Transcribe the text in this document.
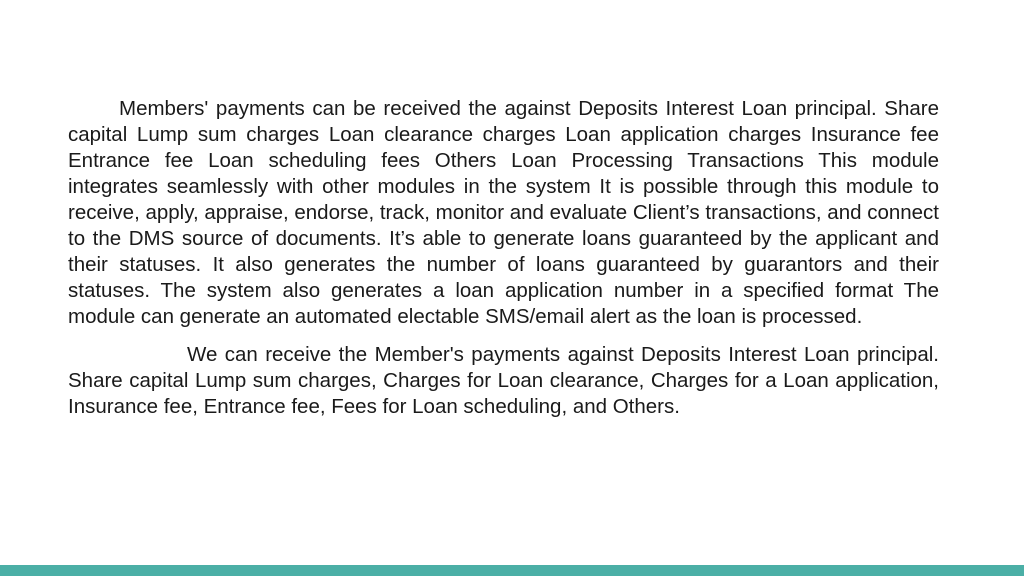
Members' payments can be received the against Deposits Interest Loan principal. Share capital Lump sum charges Loan clearance charges Loan application charges Insurance fee Entrance fee Loan scheduling fees Others Loan Processing Transactions This module integrates seamlessly with other modules in the system It is possible through this module to receive, apply, appraise, endorse, track, monitor and evaluate Client’s transactions, and connect to the DMS source of documents. It’s able to generate loans guaranteed by the applicant and their statuses. It also generates the number of loans guaranteed by guarantors and their statuses. The system also generates a loan application number in a specified format The module can generate an automated electable SMS/email alert as the loan is processed.

We can receive the Member's payments against Deposits Interest Loan principal. Share capital Lump sum charges, Charges for Loan clearance, Charges for a Loan application, Insurance fee, Entrance fee, Fees for Loan scheduling, and Others.
